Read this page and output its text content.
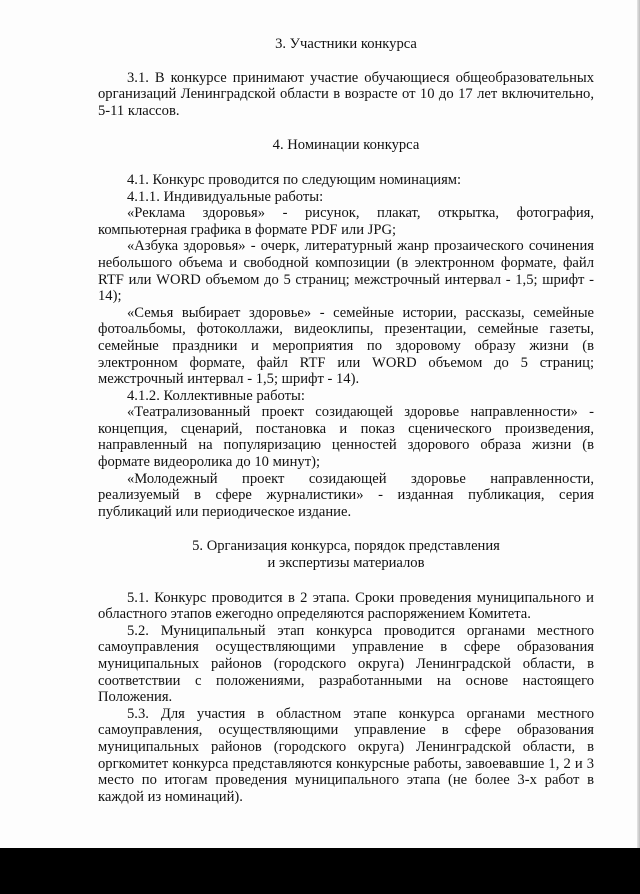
3. Участники конкурса

3.1. В конкурсе принимают участие обучающиеся общеобразовательных организаций Ленинградской области в возрасте от 10 до 17 лет включительно, 5-11 классов.

4. Номинации конкурса

4.1. Конкурс проводится по следующим номинациям:

4.1.1. Индивидуальные работы:

«Реклама здоровья» - рисунок, плакат, открытка, фотография, компьютерная графика в формате PDF или JPG;

«Азбука здоровья» - очерк, литературный жанр прозаического сочинения небольшого объема и свободной композиции (в электронном формате, файл RTF или WORD объемом до 5 страниц; межстрочный интервал - 1,5; шрифт - 14);

«Семья выбирает здоровье» - семейные истории, рассказы, семейные фотоальбомы, фотоколлажи, видеоклипы, презентации, семейные газеты, семейные праздники и мероприятия по здоровому образу жизни (в электронном формате, файл RTF или WORD объемом до 5 страниц; межстрочный интервал - 1,5; шрифт - 14).

4.1.2. Коллективные работы:

«Театрализованный проект созидающей здоровье направленности» - концепция, сценарий, постановка и показ сценического произведения, направленный на популяризацию ценностей здорового образа жизни (в формате видеоролика до 10 минут);

«Молодежный проект созидающей здоровье направленности, реализуемый в сфере журналистики» - изданная публикация, серия публикаций или периодическое издание.

5. Организация конкурса, порядок представления

и экспертизы материалов

5.1. Конкурс проводится в 2 этапа. Сроки проведения муниципального и областного этапов ежегодно определяются распоряжением Комитета.

5.2. Муниципальный этап конкурса проводится органами местного самоуправления осуществляющими управление в сфере образования муниципальных районов (городского округа) Ленинградской области, в соответствии с положениями, разработанными на основе настоящего Положения.

5.3. Для участия в областном этапе конкурса органами местного самоуправления, осуществляющими управление в сфере образования муниципальных районов (городского округа) Ленинградской области, в оргкомитет конкурса представляются конкурсные работы, завоевавшие 1, 2 и 3 место по итогам проведения муниципального этапа (не более 3-х работ в каждой из номинаций).
